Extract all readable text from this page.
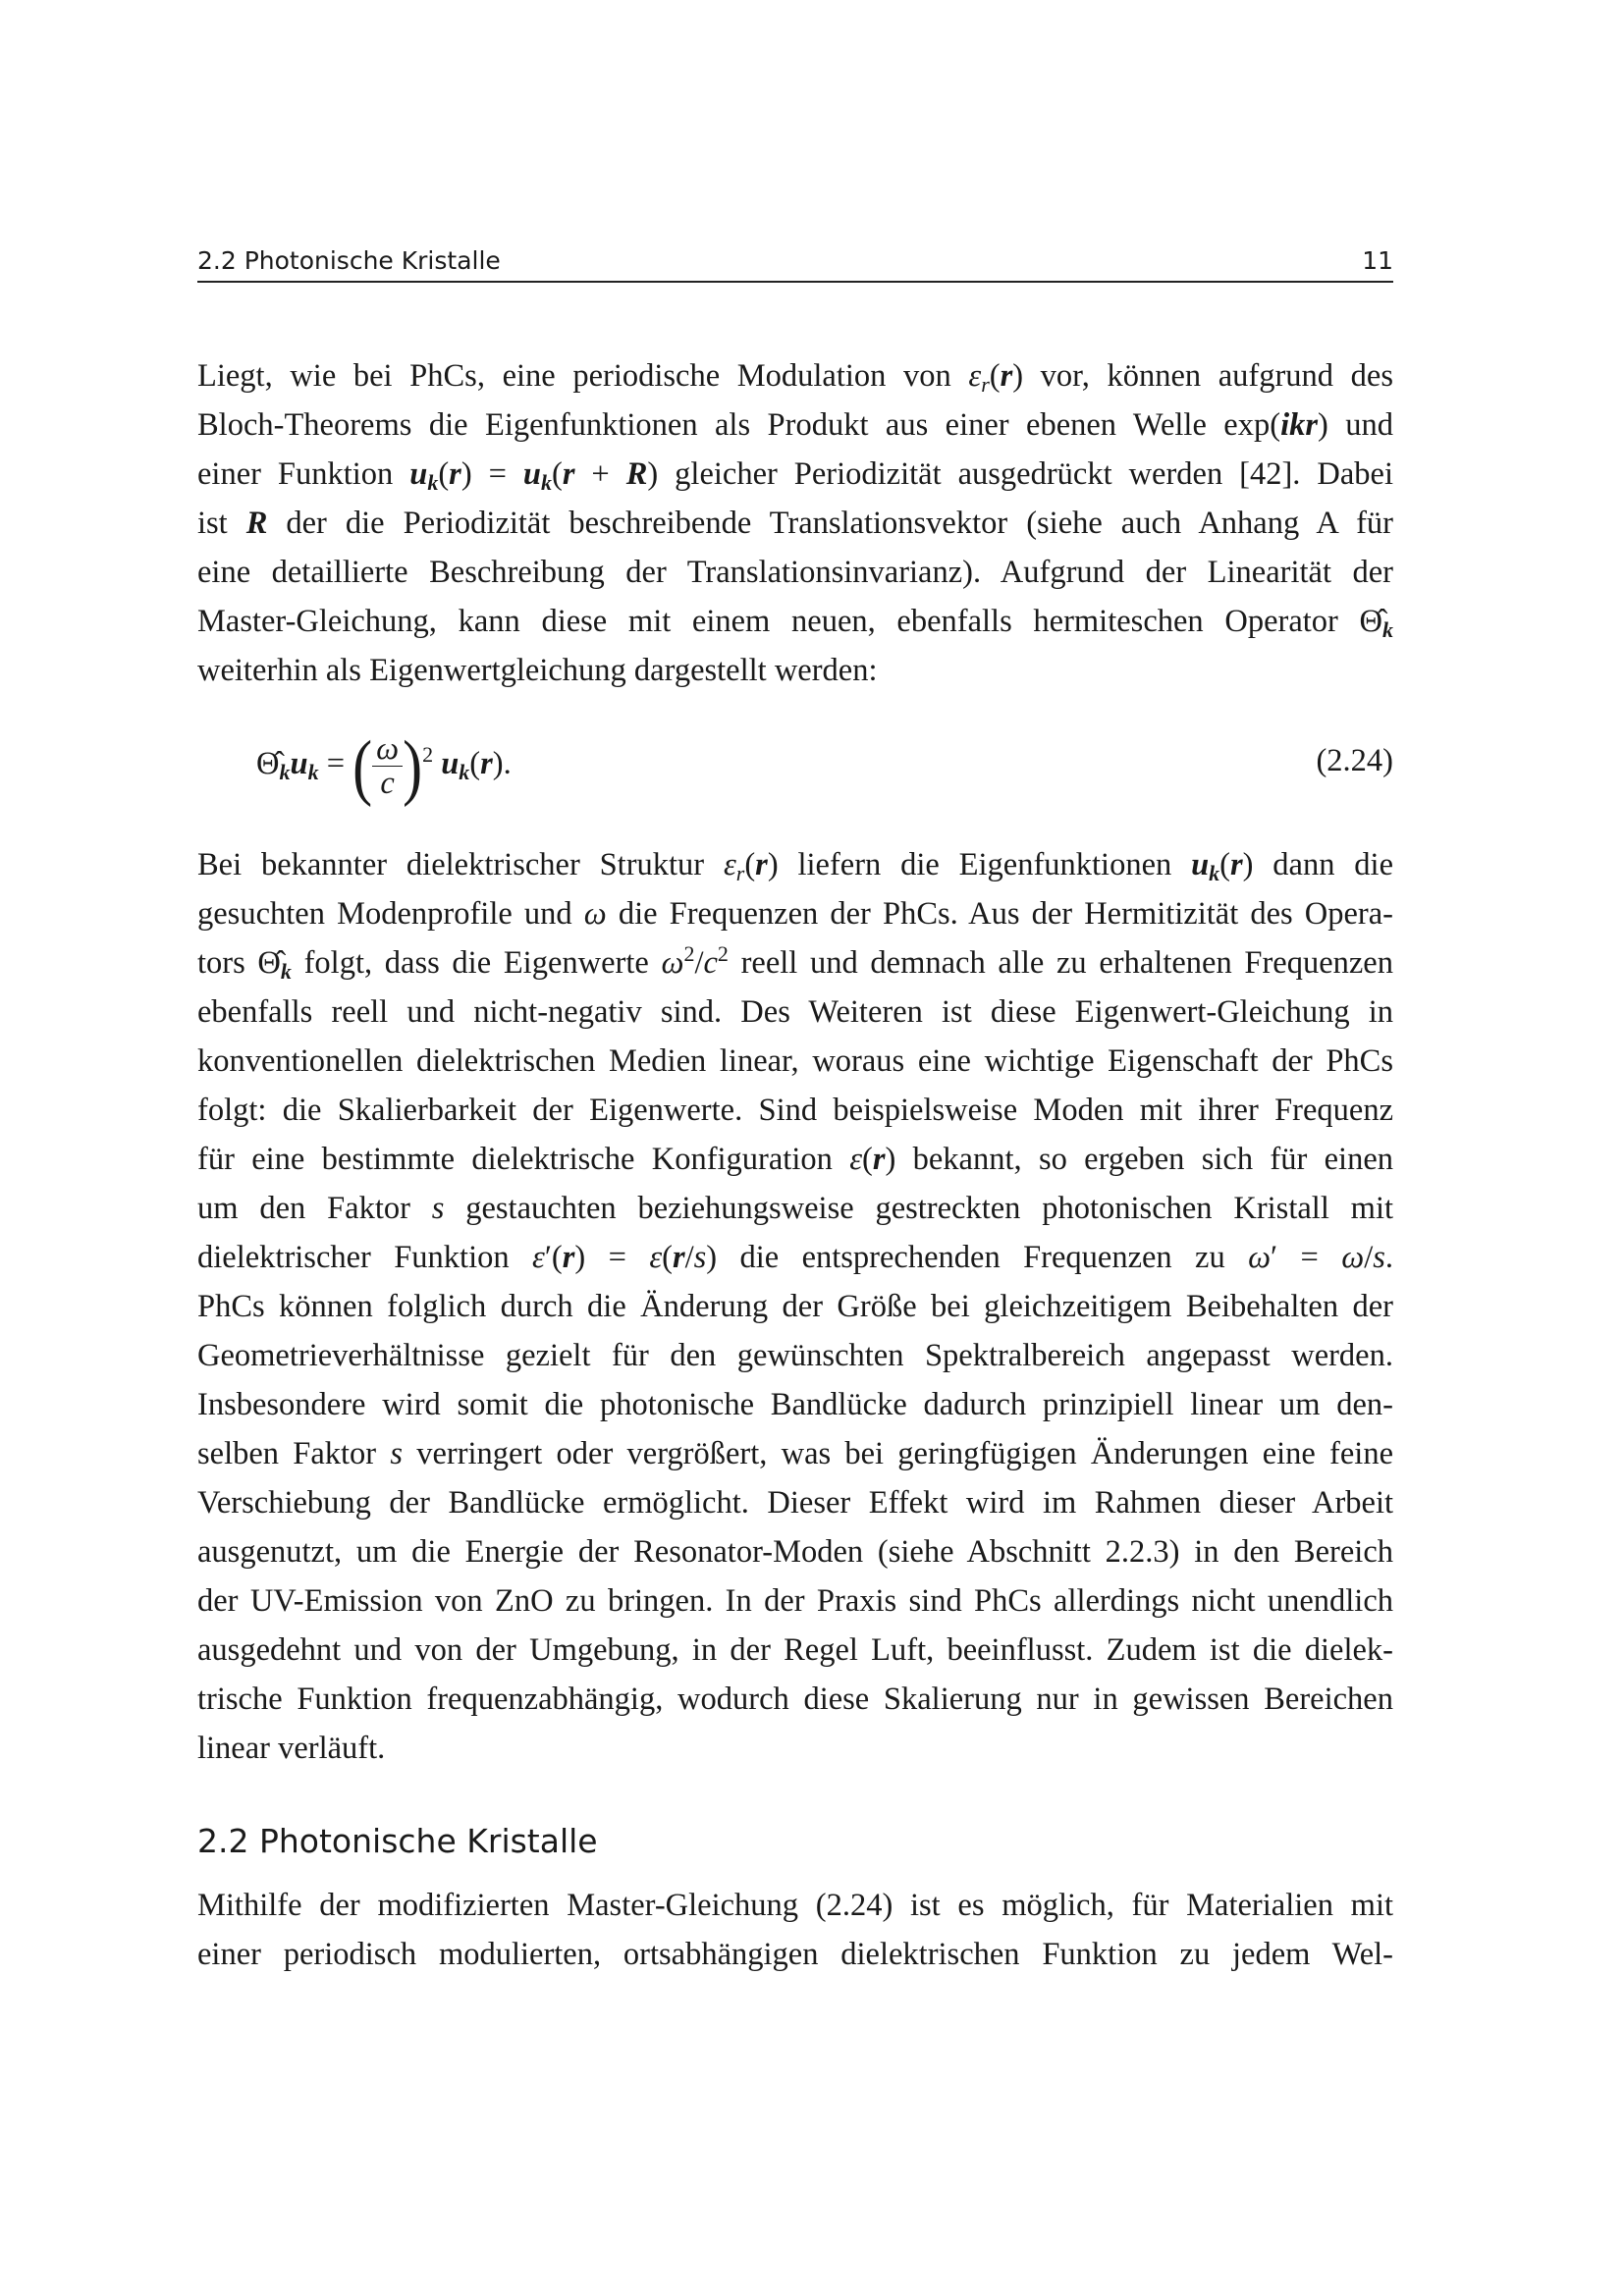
2.2 Photonische Kristalle	11

Liegt, wie bei PhCs, eine periodische Modulation von $\varepsilon_r(r)$ vor, können aufgrund des
Bloch-Theorems die Eigenfunktionen als Produkt aus einer ebenen Welle exp(ikr) und
einer Funktion $u_k(r) = u_k(r + R)$ gleicher Periodizität ausgedrückt werden [42]. Dabei
ist R der die Periodizität beschreibende Translationsvektor (siehe auch Anhang A für
eine detaillierte Beschreibung der Translationsinvarianz). Aufgrund der Linearität der
Master-Gleichung, kann diese mit einem neuen, ebenfalls hermiteschen Operator $\Thetâ_k$
weiterhin als Eigenwertgleichung dargestellt werden:

$\Thetâ_ku_k$ = ( $\frac{\omega}{c} )^2$ $u_k(r)$.	(2.24)

Bei bekannter dielektrischer Struktur $\varepsilon_r(r)$ liefern die Eigenfunktionen $u_k(r)$ dann die
gesuchten Modenprofile und ω die Frequenzen der PhCs. Aus der Hermitizität des Opera-
tors $\Thetâ_k$ folgt, dass die Eigenwerte $\omega^2/c^2$ reell und demnach alle zu erhaltenen Frequenzen
ebenfalls reell und nicht-negativ sind. Des Weiteren ist diese Eigenwert-Gleichung in
konventionellen dielektrischen Medien linear, woraus eine wichtige Eigenschaft der PhCs
folgt: die Skalierbarkeit der Eigenwerte. Sind beispielsweise Moden mit ihrer Frequenz
für eine bestimmte dielektrische Konfiguration ε(r) bekannt, so ergeben sich für einen
um den Faktor s gestauchten beziehungsweise gestreckten photonischen Kristall mit
dielektrischer Funktion ε′(r) = ε(r/s) die entsprechenden Frequenzen zu ω′ = ω/s.
PhCs können folglich durch die Änderung der Größe bei gleichzeitigem Beibehalten der
Geometrieverhältnisse gezielt für den gewünschten Spektralbereich angepasst werden.
Insbesondere wird somit die photonische Bandlücke dadurch prinzipiell linear um den-
selben Faktor s verringert oder vergrößert, was bei geringfügigen Änderungen eine feine
Verschiebung der Bandlücke ermöglicht. Dieser Effekt wird im Rahmen dieser Arbeit
ausgenutzt, um die Energie der Resonator-Moden (siehe Abschnitt 2.2.3) in den Bereich
der UV-Emission von ZnO zu bringen. In der Praxis sind PhCs allerdings nicht unendlich
ausgedehnt und von der Umgebung, in der Regel Luft, beeinflusst. Zudem ist die dielek-
trische Funktion frequenzabhängig, wodurch diese Skalierung nur in gewissen Bereichen
linear verläuft.

2.2 Photonische Kristalle

Mithilfe der modifizierten Master-Gleichung (2.24) ist es möglich, für Materialien mit
einer periodisch modulierten, ortsabhängigen dielektrischen Funktion zu jedem Wel-
